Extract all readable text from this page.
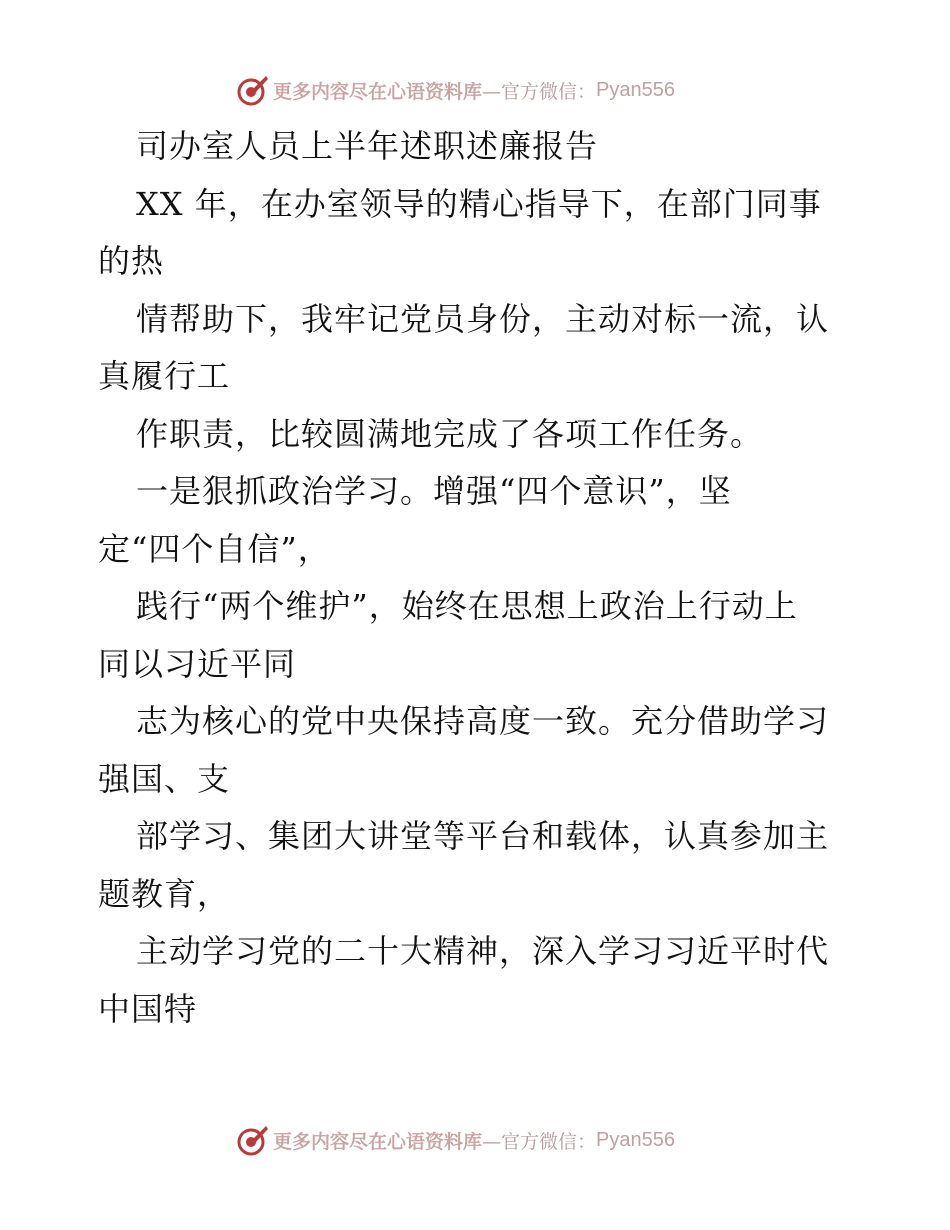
更多内容尽在心语资料库 —官方微信： Pyan556
司办室人员上半年述职述廉报告
XX 年，在办室领导的精心指导下，在部门同事
的热
情帮助下，我牢记党员身份，主动对标一流，认
真履行工
作职责，比较圆满地完成了各项工作任务。
一是狠抓政治学习。增强“四个意识”，坚
定“四个自信”，
践行“两个维护”，始终在思想上政治上行动上
同以习近平同
志为核心的党中央保持高度一致。充分借助学习
强国、支
部学习、集团大讲堂等平台和载体，认真参加主
题教育，
主动学习党的二十大精神，深入学习习近平时代
中国特
更多内容尽在心语资料库 —官方微信： Pyan556
